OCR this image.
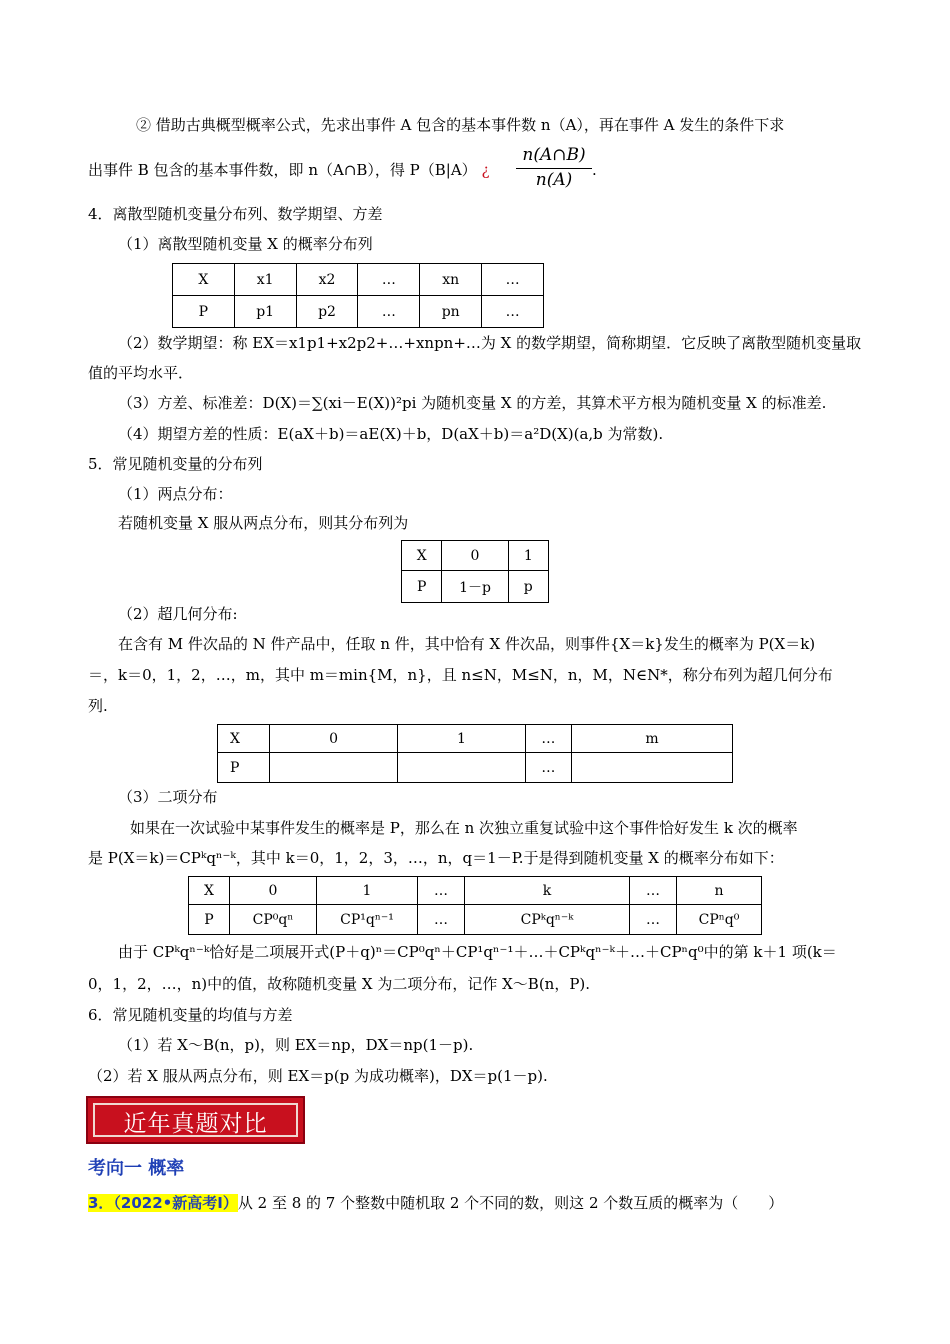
② 借助古典概型概率公式，先求出事件 A 包含的基本事件数 n（A），再在事件 A 发生的条件下求
出事件 B 包含的基本事件数，即 n（A∩B），得 P（B|A） ¿
n(A∩B)
n(A)	.
4．离散型随机变量分布列、数学期望、方差
（1）离散型随机变量 X 的概率分布列
X	x1	x2	…	xn	…
P	p1	p2	…	pn	…
（2）数学期望：称 EX＝x1p1+x2p2+…+xnpn+…为 X 的数学期望，简称期望．它反映了离散型随机变量取
值的平均水平．
（3）方差、标准差：D(X)＝∑(xi－E(X))²pi 为随机变量 X 的方差，其算术平方根为随机变量 X 的标准差.
（4）期望方差的性质：E(aX＋b)＝aE(X)＋b，D(aX＋b)＝a²D(X)(a,b 为常数).
5．常见随机变量的分布列
（1）两点分布：
若随机变量 X 服从两点分布，则其分布列为
X	0	1
P	1－p	p
（2）超几何分布:
在含有 M 件次品的 N 件产品中，任取 n 件，其中恰有 X 件次品，则事件{X＝k}发生的概率为 P(X＝k)
＝，k＝0，1，2，…，m，其中 m＝min{M，n}，且 n≤N，M≤N，n，M，N∈N*，称分布列为超几何分布
列.
X	0	1	…	m
P			…	
（3）二项分布
如果在一次试验中某事件发生的概率是 P，那么在 n 次独立重复试验中这个事件恰好发生 k 次的概率
是 P(X＝k)＝CPᵏqⁿ⁻ᵏ，其中 k＝0，1，2，3，…，n，q＝1－P.于是得到随机变量 X 的概率分布如下：
X	0	1	…	k	…	n
P	CP⁰qⁿ	CP¹qⁿ⁻¹	…	CPᵏqⁿ⁻ᵏ	…	CPⁿq⁰
由于 CPᵏqⁿ⁻ᵏ恰好是二项展开式(P＋q)ⁿ＝CP⁰qⁿ＋CP¹qⁿ⁻¹＋…＋CPᵏqⁿ⁻ᵏ＋…＋CPⁿq⁰中的第 k＋1 项(k＝
0，1，2，…，n)中的值，故称随机变量 X 为二项分布，记作 X～B(n，P).
6．常见随机变量的均值与方差
（1）若 X～B(n，p)，则 EX＝np，DX＝np(1－p).
（2）若 X 服从两点分布，则 EX＝p(p 为成功概率)，DX＝p(1－p).
近年真题对比
考向一 概率
3．（2022•新高考Ⅰ）从 2 至 8 的 7 个整数中随机取 2 个不同的数，则这 2 个数互质的概率为（　　）
